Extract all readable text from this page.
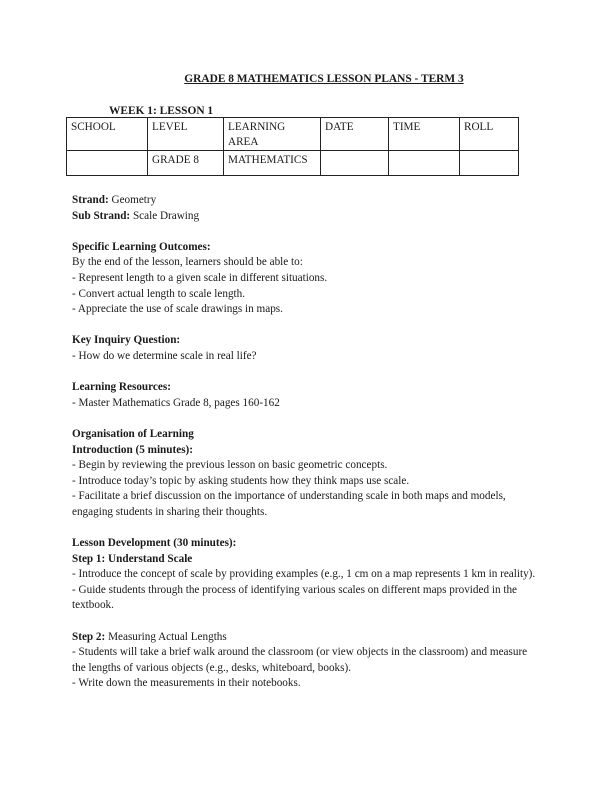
GRADE 8 MATHEMATICS LESSON PLANS - TERM 3
WEEK 1: LESSON 1
SCHOOL	LEVEL	LEARNING AREA	DATE	TIME	ROLL
	GRADE 8	MATHEMATICS			

Strand: Geometry

Sub Strand: Scale Drawing

Specific Learning Outcomes:

By the end of the lesson, learners should be able to:

- Represent length to a given scale in different situations.

- Convert actual length to scale length.

- Appreciate the use of scale drawings in maps.

Key Inquiry Question:

- How do we determine scale in real life?

Learning Resources:

- Master Mathematics Grade 8, pages 160-162

Organisation of Learning

Introduction (5 minutes):

- Begin by reviewing the previous lesson on basic geometric concepts.

- Introduce today’s topic by asking students how they think maps use scale.

- Facilitate a brief discussion on the importance of understanding scale in both maps and models, engaging students in sharing their thoughts.

Lesson Development (30 minutes):

Step 1: Understand Scale

- Introduce the concept of scale by providing examples (e.g., 1 cm on a map represents 1 km in reality).

- Guide students through the process of identifying various scales on different maps provided in the textbook.

Step 2: Measuring Actual Lengths

- Students will take a brief walk around the classroom (or view objects in the classroom) and measure the lengths of various objects (e.g., desks, whiteboard, books).

- Write down the measurements in their notebooks.
